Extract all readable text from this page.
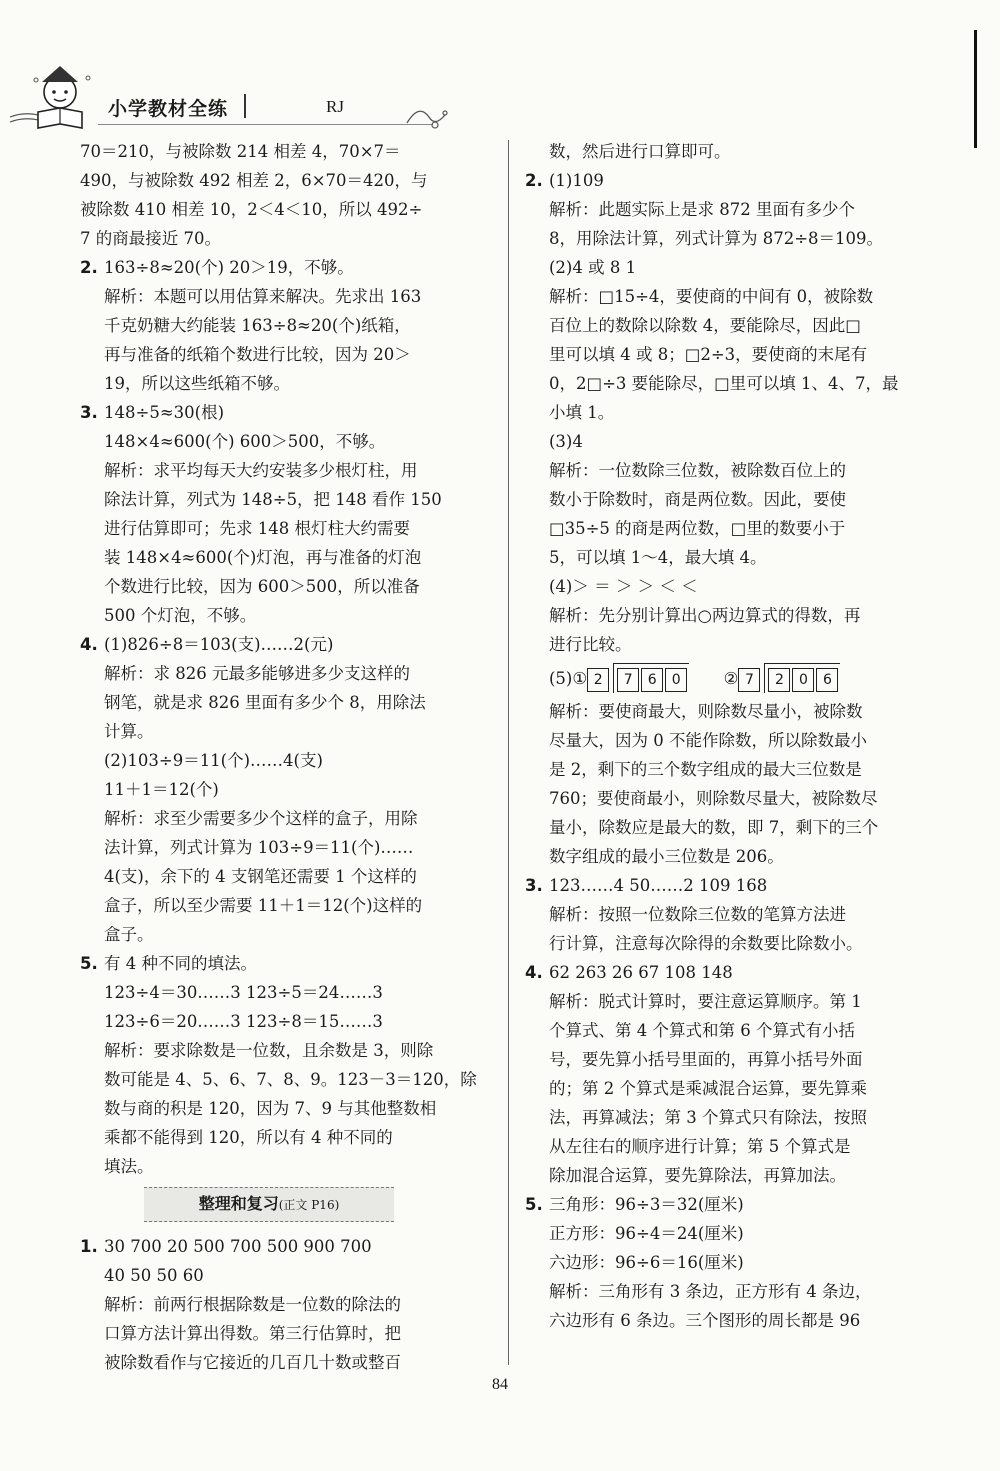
小学教材全练	RJ

70＝210，与被除数 214 相差 4，70×7＝

490，与被除数 492 相差 2，6×70＝420，与

被除数 410 相差 10，2＜4＜10，所以 492÷

7 的商最接近 70。

2. 163÷8≈20(个) 20＞19，不够。

解析：本题可以用估算来解决。先求出 163

千克奶糖大约能装 163÷8≈20(个)纸箱，

再与准备的纸箱个数进行比较，因为 20＞

19，所以这些纸箱不够。

3. 148÷5≈30(根)

148×4≈600(个) 600＞500，不够。

解析：求平均每天大约安装多少根灯柱，用

除法计算，列式为 148÷5，把 148 看作 150

进行估算即可；先求 148 根灯柱大约需要

装 148×4≈600(个)灯泡，再与准备的灯泡

个数进行比较，因为 600＞500，所以准备

500 个灯泡，不够。

4. (1)826÷8＝103(支)……2(元)

解析：求 826 元最多能够进多少支这样的

钢笔，就是求 826 里面有多少个 8，用除法

计算。

(2)103÷9＝11(个)……4(支)

11＋1＝12(个)

解析：求至少需要多少个这样的盒子，用除

法计算，列式计算为 103÷9＝11(个)……

4(支)，余下的 4 支钢笔还需要 1 个这样的

盒子，所以至少需要 11＋1＝12(个)这样的

盒子。

5. 有 4 种不同的填法。

123÷4＝30……3 123÷5＝24……3

123÷6＝20……3 123÷8＝15……3

解析：要求除数是一位数，且余数是 3，则除

数可能是 4、5、6、7、8、9。123－3＝120，除

数与商的积是 120，因为 7、9 与其他整数相

乘都不能得到 120，所以有 4 种不同的

填法。

整理和复习(正文 P16)

1. 30 700 20 500 700 500 900 700

40 50 50 60

解析：前两行根据除数是一位数的除法的

口算方法计算出得数。第三行估算时，把

被除数看作与它接近的几百几十数或整百

数，然后进行口算即可。

2. (1)109

解析：此题实际上是求 872 里面有多少个

8，用除法计算，列式计算为 872÷8＝109。

(2)4 或 8 1

解析：□15÷4，要使商的中间有 0，被除数

百位上的数除以除数 4，要能除尽，因此□

里可以填 4 或 8；□2÷3，要使商的末尾有

0，2□÷3 要能除尽，□里可以填 1、4、7，最

小填 1。

(3)4

解析：一位数除三位数，被除数百位上的

数小于除数时，商是两位数。因此，要使

□35÷5 的商是两位数，□里的数要小于

5，可以填 1～4，最大填 4。

(4)＞ ＝ ＞ ＞ ＜ ＜

解析：先分别计算出○两边算式的得数，再

进行比较。

(5)① 2 7 6 0	② 7 2 0 6

解析：要使商最大，则除数尽量小，被除数

尽量大，因为 0 不能作除数，所以除数最小

是 2，剩下的三个数字组成的最大三位数是

760；要使商最小，则除数尽量大，被除数尽

量小，除数应是最大的数，即 7，剩下的三个

数字组成的最小三位数是 206。

3. 123……4 50……2 109 168

解析：按照一位数除三位数的笔算方法进

行计算，注意每次除得的余数要比除数小。

4. 62 263 26 67 108 148

解析：脱式计算时，要注意运算顺序。第 1

个算式、第 4 个算式和第 6 个算式有小括

号，要先算小括号里面的，再算小括号外面

的；第 2 个算式是乘减混合运算，要先算乘

法，再算减法；第 3 个算式只有除法，按照

从左往右的顺序进行计算；第 5 个算式是

除加混合运算，要先算除法，再算加法。

5. 三角形：96÷3＝32(厘米)

正方形：96÷4＝24(厘米)

六边形：96÷6＝16(厘米)

解析：三角形有 3 条边，正方形有 4 条边，

六边形有 6 条边。三个图形的周长都是 96

84
